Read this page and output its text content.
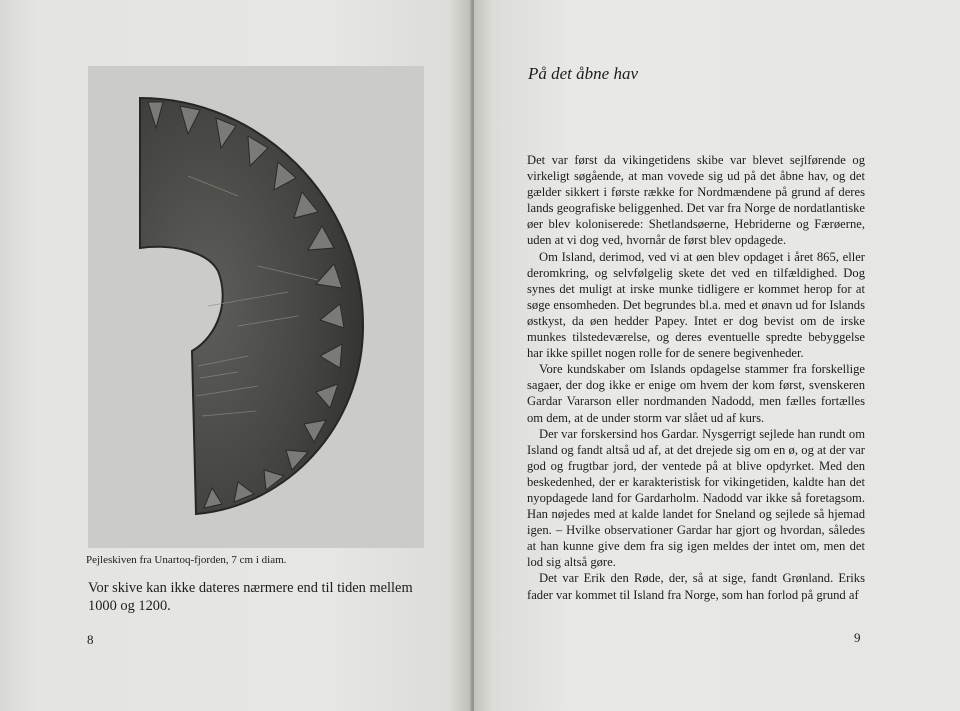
Pejleskiven fra Unartoq-fjorden, 7 cm i diam.
Vor skive kan ikke dateres nærmere end til tiden mellem 1000 og 1200.
8
På det åbne hav

Det var først da vikingetidens skibe var blevet sejlførende og virkeligt søgående, at man vovede sig ud på det åbne hav, og det gælder sikkert i første række for Nordmændene på grund af deres lands geografiske beliggenhed. Det var fra Norge de nordatlantiske øer blev koloniserede: Shetlandsøerne, Hebriderne og Færøerne, uden at vi dog ved, hvornår de først blev opdagede.

Om Island, derimod, ved vi at øen blev opdaget i året 865, eller deromkring, og selvfølgelig skete det ved en tilfældighed. Dog synes det muligt at irske munke tidligere er kommet herop for at søge ensomheden. Det begrundes bl.a. med et ønavn ud for Islands østkyst, da øen hedder Papey. Intet er dog bevist om de irske munkes tilstedeværelse, og deres eventuelle spredte bebyggelse har ikke spillet nogen rolle for de senere begivenheder.

Vore kundskaber om Islands opdagelse stammer fra forskellige sagaer, der dog ikke er enige om hvem der kom først, svenskeren Gardar Vararson eller nordmanden Nadodd, men fælles fortælles om dem, at de under storm var slået ud af kurs.

Der var forskersind hos Gardar. Nysgerrigt sejlede han rundt om Island og fandt altså ud af, at det drejede sig om en ø, og at der var god og frugtbar jord, der ventede på at blive opdyrket. Med den beskedenhed, der er karakteristisk for vikingetiden, kaldte han det nyopdagede land for Gardarholm. Nadodd var ikke så foretagsom. Han nøjedes med at kalde landet for Sneland og sejlede så hjemad igen. – Hvilke observationer Gardar har gjort og hvordan, således at han kunne give dem fra sig igen meldes der intet om, men det lod sig altså gøre.

Det var Erik den Røde, der, så at sige, fandt Grønland. Eriks fader var kommet til Island fra Norge, som han forlod på grund af

9
